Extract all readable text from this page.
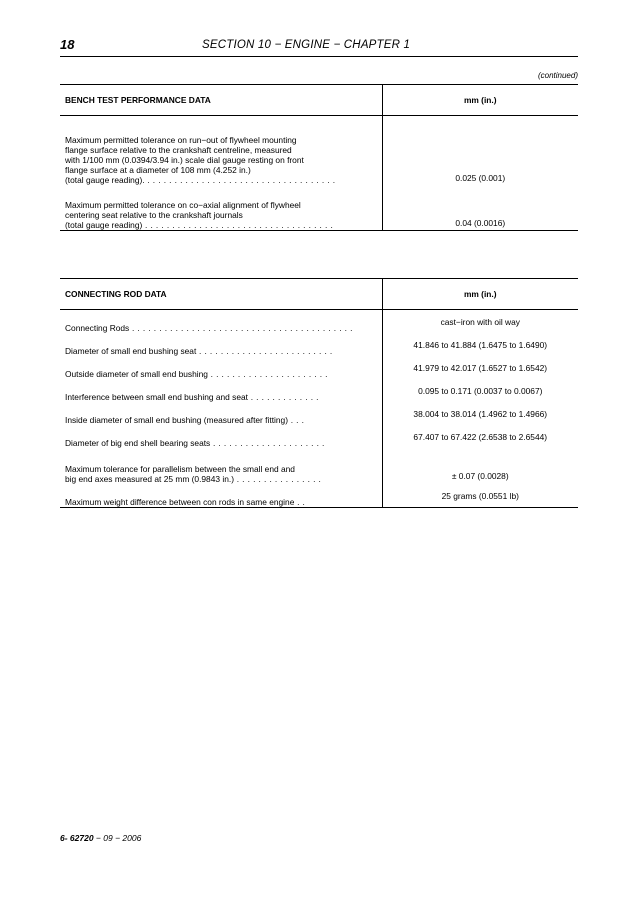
18	SECTION 10 − ENGINE − CHAPTER 1
(continued)
BENCH TEST PERFORMANCE DATA	mm (in.)
Maximum permitted tolerance on run−out of flywheel mounting
flange surface relative to the crankshaft centreline, measured
with 1/100 mm (0.0394/3.94 in.) scale dial gauge resting on front
flange surface at a diameter of 108 mm (4.252 in.)
(total gauge reading). . . . . . . . . . . . . . . . . . . . . . . . . . . . . . . . . . . .	0.025 (0.001)
Maximum permitted tolerance on co−axial alignment of flywheel
centering seat relative to the crankshaft journals
(total gauge reading) . . . . . . . . . . . . . . . . . . . . . . . . . . . . . . . . . . .	0.04 (0.0016)
CONNECTING ROD DATA	mm (in.)
Connecting Rods . . . . . . . . . . . . . . . . . . . . . . . . . . . . . . . . . . . . . . . . .	cast−iron with oil way
Diameter of small end bushing seat . . . . . . . . . . . . . . . . . . . . . . . . .	41.846 to 41.884 (1.6475 to 1.6490)
Outside diameter of small end bushing . . . . . . . . . . . . . . . . . . . . . .	41.979 to 42.017 (1.6527 to 1.6542)
Interference between small end bushing and seat . . . . . . . . . . . . .	0.095 to 0.171 (0.0037 to 0.0067)
Inside diameter of small end bushing (measured after fitting) . . .	38.004 to 38.014 (1.4962 to 1.4966)
Diameter of big end shell bearing seats . . . . . . . . . . . . . . . . . . . . .	67.407 to 67.422 (2.6538 to 2.6544)
Maximum tolerance for parallelism between the small end and
big end axes measured at 25 mm (0.9843 in.) . . . . . . . . . . . . . . . .	± 0.07 (0.0028)
Maximum weight difference between con rods in same engine . .	25 grams (0.0551 lb)
6- 62720 − 09 − 2006
